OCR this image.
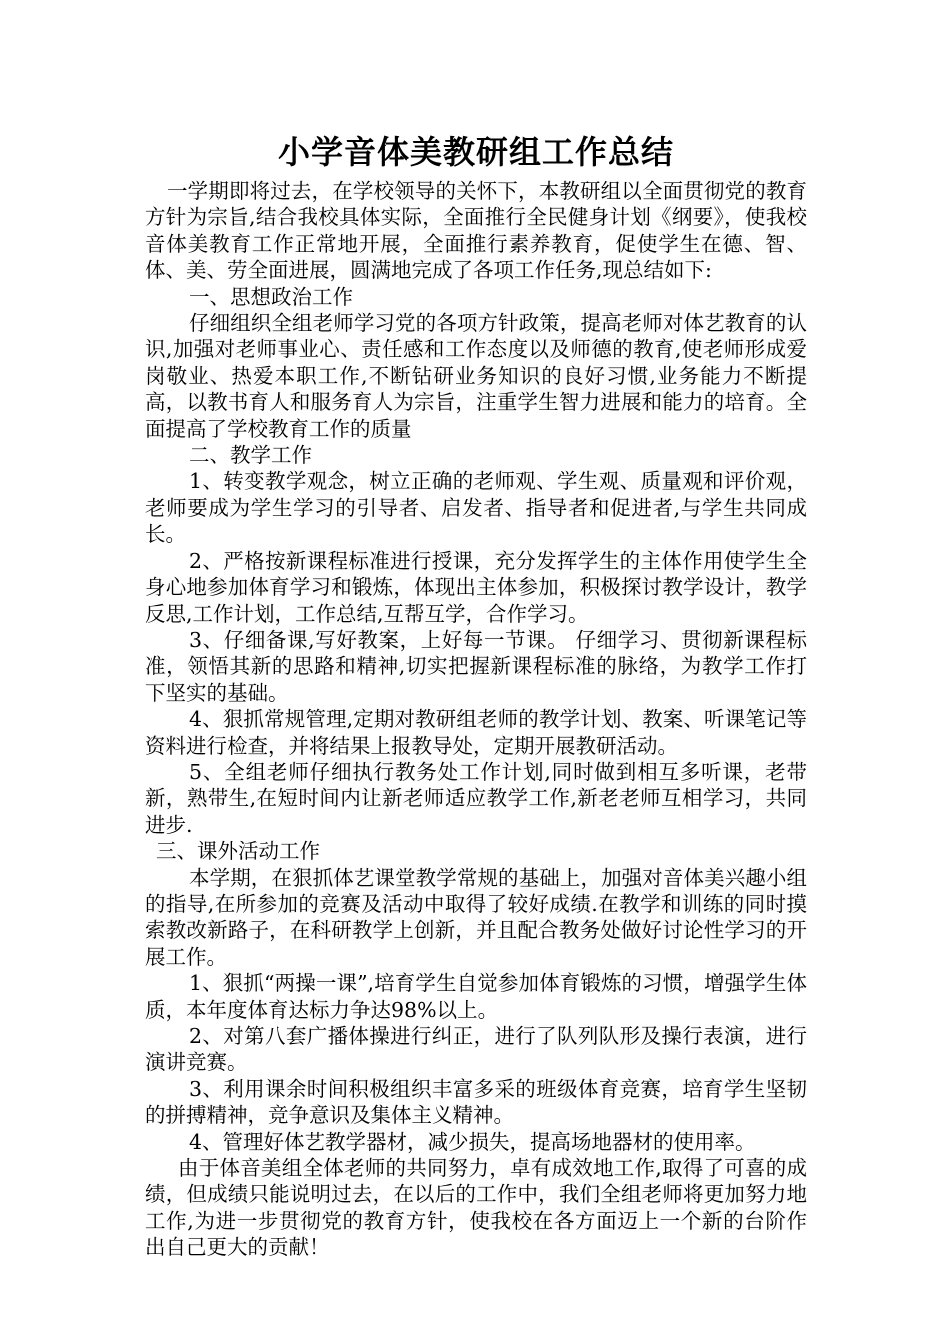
小学音体美教研组工作总结

一学期即将过去，在学校领导的关怀下，本教研组以全面贯彻党的教育方针为宗旨,结合我校具体实际，全面推行全民健身计划《纲要》，使我校音体美教育工作正常地开展，全面推行素养教育，促使学生在德、智、体、美、劳全面进展，圆满地完成了各项工作任务,现总结如下:

一、思想政治工作

仔细组织全组老师学习党的各项方针政策，提高老师对体艺教育的认识,加强对老师事业心、责任感和工作态度以及师德的教育,使老师形成爱岗敬业、热爱本职工作,不断钻研业务知识的良好习惯,业务能力不断提高，以教书育人和服务育人为宗旨，注重学生智力进展和能力的培育。全面提高了学校教育工作的质量

二、教学工作

1、转变教学观念，树立正确的老师观、学生观、质量观和评价观，老师要成为学生学习的引导者、启发者、指导者和促进者,与学生共同成长。

2、严格按新课程标准进行授课，充分发挥学生的主体作用使学生全身心地参加体育学习和锻炼，体现出主体参加，积极探讨教学设计，教学反思,工作计划，工作总结,互帮互学，合作学习。

3、仔细备课,写好教案，上好每一节课。 仔细学习、贯彻新课程标准，领悟其新的思路和精神,切实把握新课程标准的脉络，为教学工作打下坚实的基础。

4、狠抓常规管理,定期对教研组老师的教学计划、教案、听课笔记等资料进行检查，并将结果上报教导处，定期开展教研活动。

5、全组老师仔细执行教务处工作计划,同时做到相互多听课，老带新，熟带生,在短时间内让新老师适应教学工作,新老老师互相学习，共同进步.

三、课外活动工作

本学期，在狠抓体艺课堂教学常规的基础上，加强对音体美兴趣小组的指导,在所参加的竞赛及活动中取得了较好成绩.在教学和训练的同时摸索教改新路子，在科研教学上创新，并且配合教务处做好讨论性学习的开展工作。

1、狠抓“两操一课”,培育学生自觉参加体育锻炼的习惯，增强学生体质，本年度体育达标力争达98%以上。

2、对第八套广播体操进行纠正，进行了队列队形及操行表演，进行演讲竞赛。

3、利用课余时间积极组织丰富多采的班级体育竞赛，培育学生坚韧的拼搏精神，竞争意识及集体主义精神。

4、管理好体艺教学器材，减少损失，提高场地器材的使用率。

由于体音美组全体老师的共同努力，卓有成效地工作,取得了可喜的成绩，但成绩只能说明过去，在以后的工作中，我们全组老师将更加努力地工作,为进一步贯彻党的教育方针，使我校在各方面迈上一个新的台阶作出自己更大的贡献！
